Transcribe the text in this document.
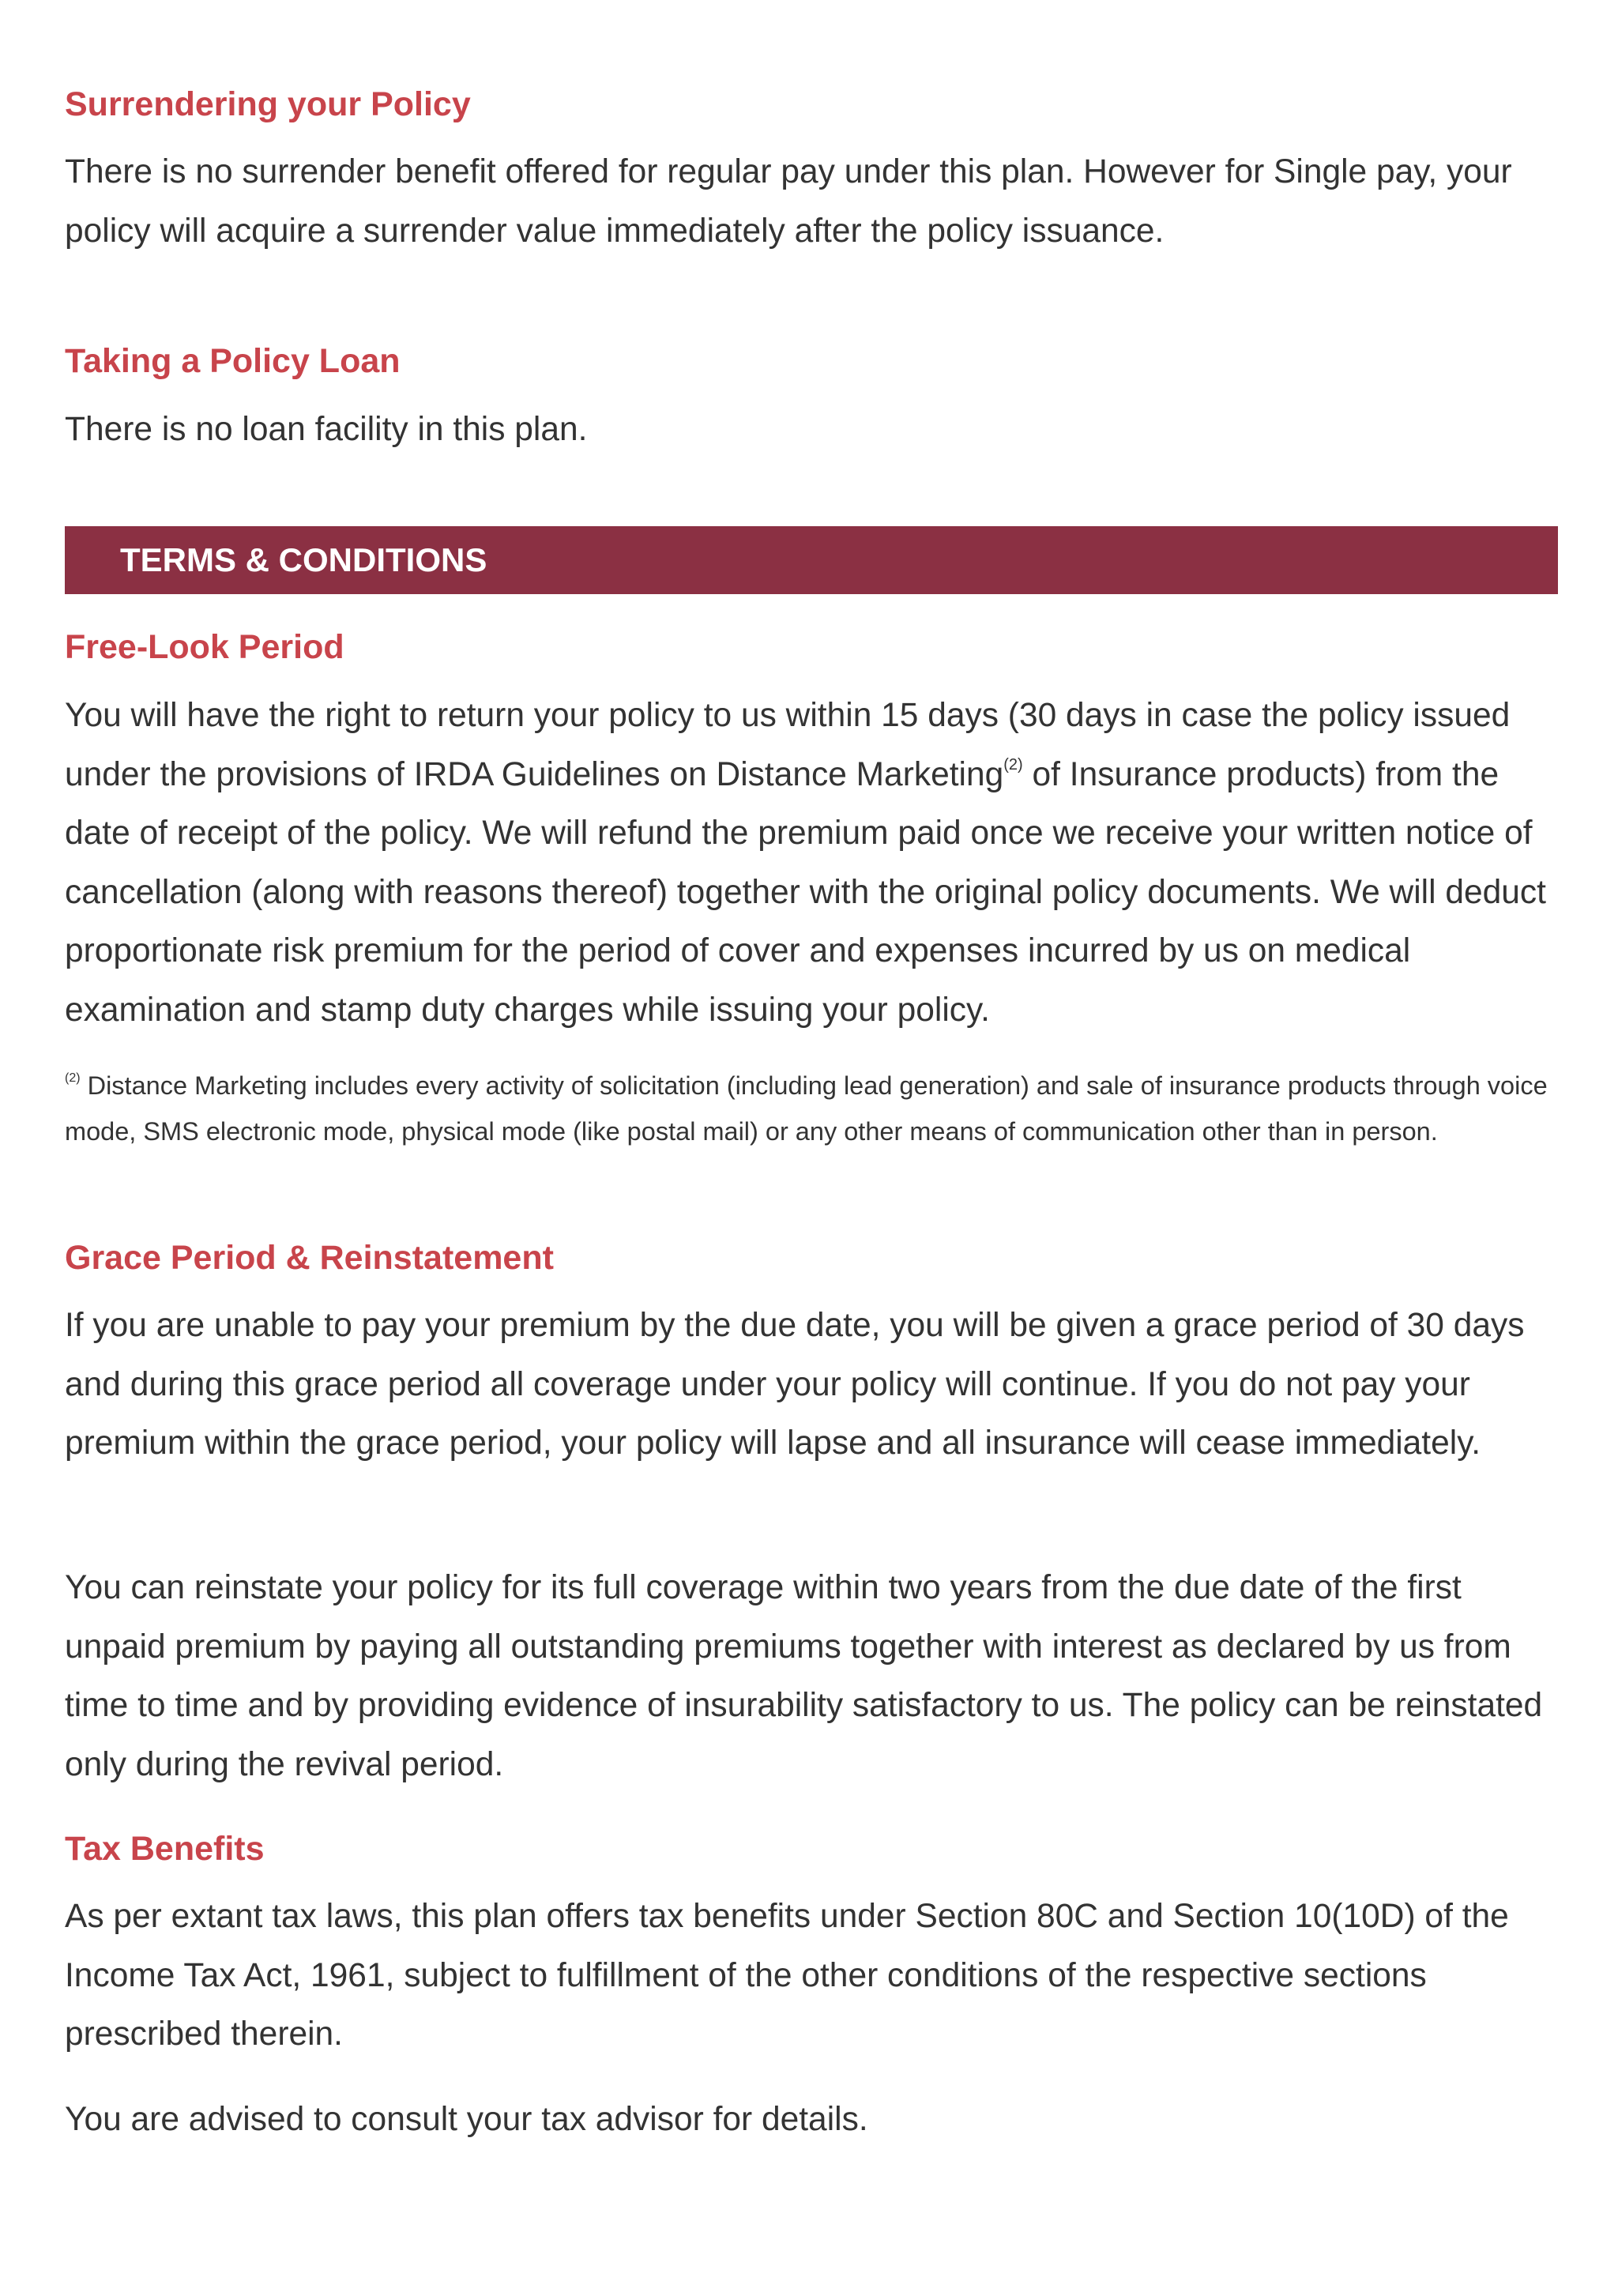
Surrendering your Policy

There is no surrender benefit offered for regular pay under this plan. However for Single pay, your policy will acquire a surrender value immediately after the policy issuance.

Taking a Policy Loan

There is no loan facility in this plan.

TERMS & CONDITIONS
Free-Look Period

You will have the right to return your policy to us within 15 days (30 days in case the policy issued under the provisions of IRDA Guidelines on Distance Marketing$^{(2)}$ of Insurance products) from the date of receipt of the policy. We will refund the premium paid once we receive your written notice of cancellation (along with reasons thereof) together with the original policy documents. We will deduct proportionate risk premium for the period of cover and expenses incurred by us on medical examination and stamp duty charges while issuing your policy.

$^{(2)}$ Distance Marketing includes every activity of solicitation (including lead generation) and sale of insurance products through voice mode, SMS electronic mode, physical mode (like postal mail) or any other means of communication other than in person.

Grace Period & Reinstatement

If you are unable to pay your premium by the due date, you will be given a grace period of 30 days and during this grace period all coverage under your policy will continue. If you do not pay your premium within the grace period, your policy will lapse and all insurance will cease immediately.

You can reinstate your policy for its full coverage within two years from the due date of the first unpaid premium by paying all outstanding premiums together with interest as declared by us from time to time and by providing evidence of insurability satisfactory to us. The policy can be reinstated only during the revival period.

Tax Benefits

As per extant tax laws, this plan offers tax benefits under Section 80C and Section 10(10D) of the Income Tax Act, 1961, subject to fulfillment of the other conditions of the respective sections prescribed therein.

You are advised to consult your tax advisor for details.
